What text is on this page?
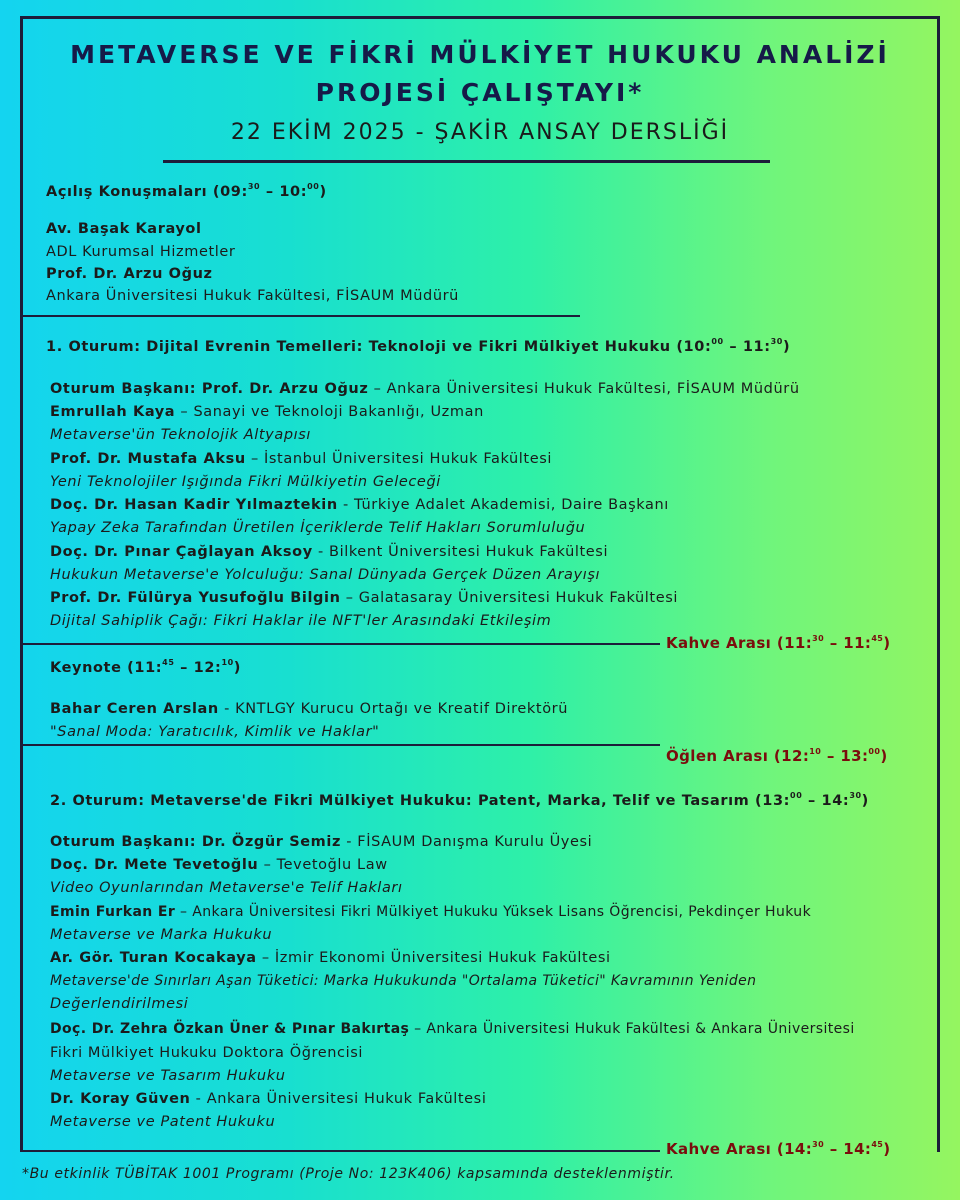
METAVERSE VE FİKRİ MÜLKİYET HUKUKU ANALİZİ
PROJESİ ÇALIŞTAYI*
22 EKİM 2025 - ŞAKİR ANSAY DERSLİĞİ
Açılış Konuşmaları (09:$^{30}$ – 10:$^{00}$)
Av. Başak Karayol
ADL Kurumsal Hizmetler
Prof. Dr. Arzu Oğuz
Ankara Üniversitesi Hukuk Fakültesi, FİSAUM Müdürü
1. Oturum: Dijital Evrenin Temelleri: Teknoloji ve Fikri Mülkiyet Hukuku (10:$^{00}$ – 11:$^{30}$)
Oturum Başkanı: Prof. Dr. Arzu Oğuz – Ankara Üniversitesi Hukuk Fakültesi, FİSAUM Müdürü
Emrullah Kaya – Sanayi ve Teknoloji Bakanlığı, Uzman
Metaverse'ün Teknolojik Altyapısı
Prof. Dr. Mustafa Aksu – İstanbul Üniversitesi Hukuk Fakültesi
Yeni Teknolojiler Işığında Fikri Mülkiyetin Geleceği
Doç. Dr. Hasan Kadir Yılmaztekin - Türkiye Adalet Akademisi, Daire Başkanı
Yapay Zeka Tarafından Üretilen İçeriklerde Telif Hakları Sorumluluğu
Doç. Dr. Pınar Çağlayan Aksoy - Bilkent Üniversitesi Hukuk Fakültesi
Hukukun Metaverse'e Yolculuğu: Sanal Dünyada Gerçek Düzen Arayışı
Prof. Dr. Fülürya Yusufoğlu Bilgin – Galatasaray Üniversitesi Hukuk Fakültesi
Dijital Sahiplik Çağı: Fikri Haklar ile NFT'ler Arasındaki Etkileşim
Kahve Arası (11:$^{30}$ – 11:$^{45}$)
Keynote (11:$^{45}$ – 12:$^{10}$)
Bahar Ceren Arslan - KNTLGY Kurucu Ortağı ve Kreatif Direktörü
"Sanal Moda: Yaratıcılık, Kimlik ve Haklar"
Öğlen Arası (12:$^{10}$ – 13:$^{00}$)
2. Oturum: Metaverse'de Fikri Mülkiyet Hukuku: Patent, Marka, Telif ve Tasarım (13:$^{00}$ – 14:$^{30}$)
Oturum Başkanı: Dr. Özgür Semiz - FİSAUM Danışma Kurulu Üyesi
Doç. Dr. Mete Tevetoğlu – Tevetoğlu Law
Video Oyunlarından Metaverse'e Telif Hakları
Emin Furkan Er – Ankara Üniversitesi Fikri Mülkiyet Hukuku Yüksek Lisans Öğrencisi, Pekdinçer Hukuk
Metaverse ve Marka Hukuku
Ar. Gör. Turan Kocakaya – İzmir Ekonomi Üniversitesi Hukuk Fakültesi
Metaverse'de Sınırları Aşan Tüketici: Marka Hukukunda "Ortalama Tüketici" Kavramının Yeniden
Değerlendirilmesi
Doç. Dr. Zehra Özkan Üner & Pınar Bakırtaş – Ankara Üniversitesi Hukuk Fakültesi & Ankara Üniversitesi
Fikri Mülkiyet Hukuku Doktora Öğrencisi
Metaverse ve Tasarım Hukuku
Dr. Koray Güven - Ankara Üniversitesi Hukuk Fakültesi
Metaverse ve Patent Hukuku
Kahve Arası (14:$^{30}$ – 14:$^{45}$)
*Bu etkinlik TÜBİTAK 1001 Programı (Proje No: 123K406) kapsamında desteklenmiştir.
